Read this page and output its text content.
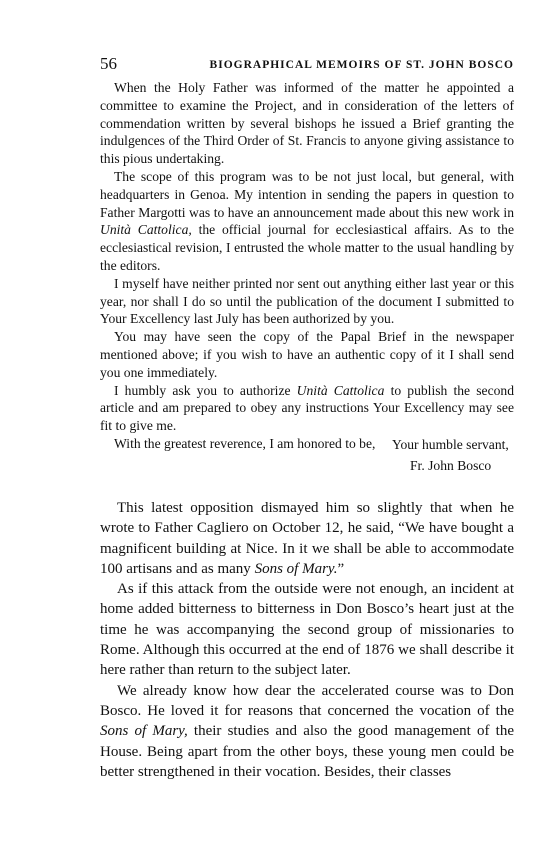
56	BIOGRAPHICAL MEMOIRS OF ST. JOHN BOSCO

When the Holy Father was informed of the matter he appointed a committee to examine the Project, and in consideration of the letters of commendation written by several bishops he issued a Brief granting the indulgences of the Third Order of St. Francis to anyone giving assistance to this pious undertaking.

The scope of this program was to be not just local, but general, with headquarters in Genoa. My intention in sending the papers in question to Father Margotti was to have an announcement made about this new work in Unità Cattolica, the official journal for ecclesiastical affairs. As to the ecclesiastical revision, I entrusted the whole matter to the usual handling by the editors.

I myself have neither printed nor sent out anything either last year or this year, nor shall I do so until the publication of the document I submitted to Your Excellency last July has been authorized by you.

You may have seen the copy of the Papal Brief in the newspaper mentioned above; if you wish to have an authentic copy of it I shall send you one immediately.

I humbly ask you to authorize Unità Cattolica to publish the second article and am prepared to obey any instructions Your Excellency may see fit to give me.

With the greatest reverence, I am honored to be,	Your humble servant,
Fr. John Bosco

This latest opposition dismayed him so slightly that when he wrote to Father Cagliero on October 12, he said, “We have bought a magnificent building at Nice. In it we shall be able to accommodate 100 artisans and as many Sons of Mary.”

As if this attack from the outside were not enough, an incident at home added bitterness to bitterness in Don Bosco’s heart just at the time he was accompanying the second group of missionaries to Rome. Although this occurred at the end of 1876 we shall describe it here rather than return to the subject later.

We already know how dear the accelerated course was to Don Bosco. He loved it for reasons that concerned the vocation of the Sons of Mary, their studies and also the good management of the House. Being apart from the other boys, these young men could be better strengthened in their vocation. Besides, their classes
